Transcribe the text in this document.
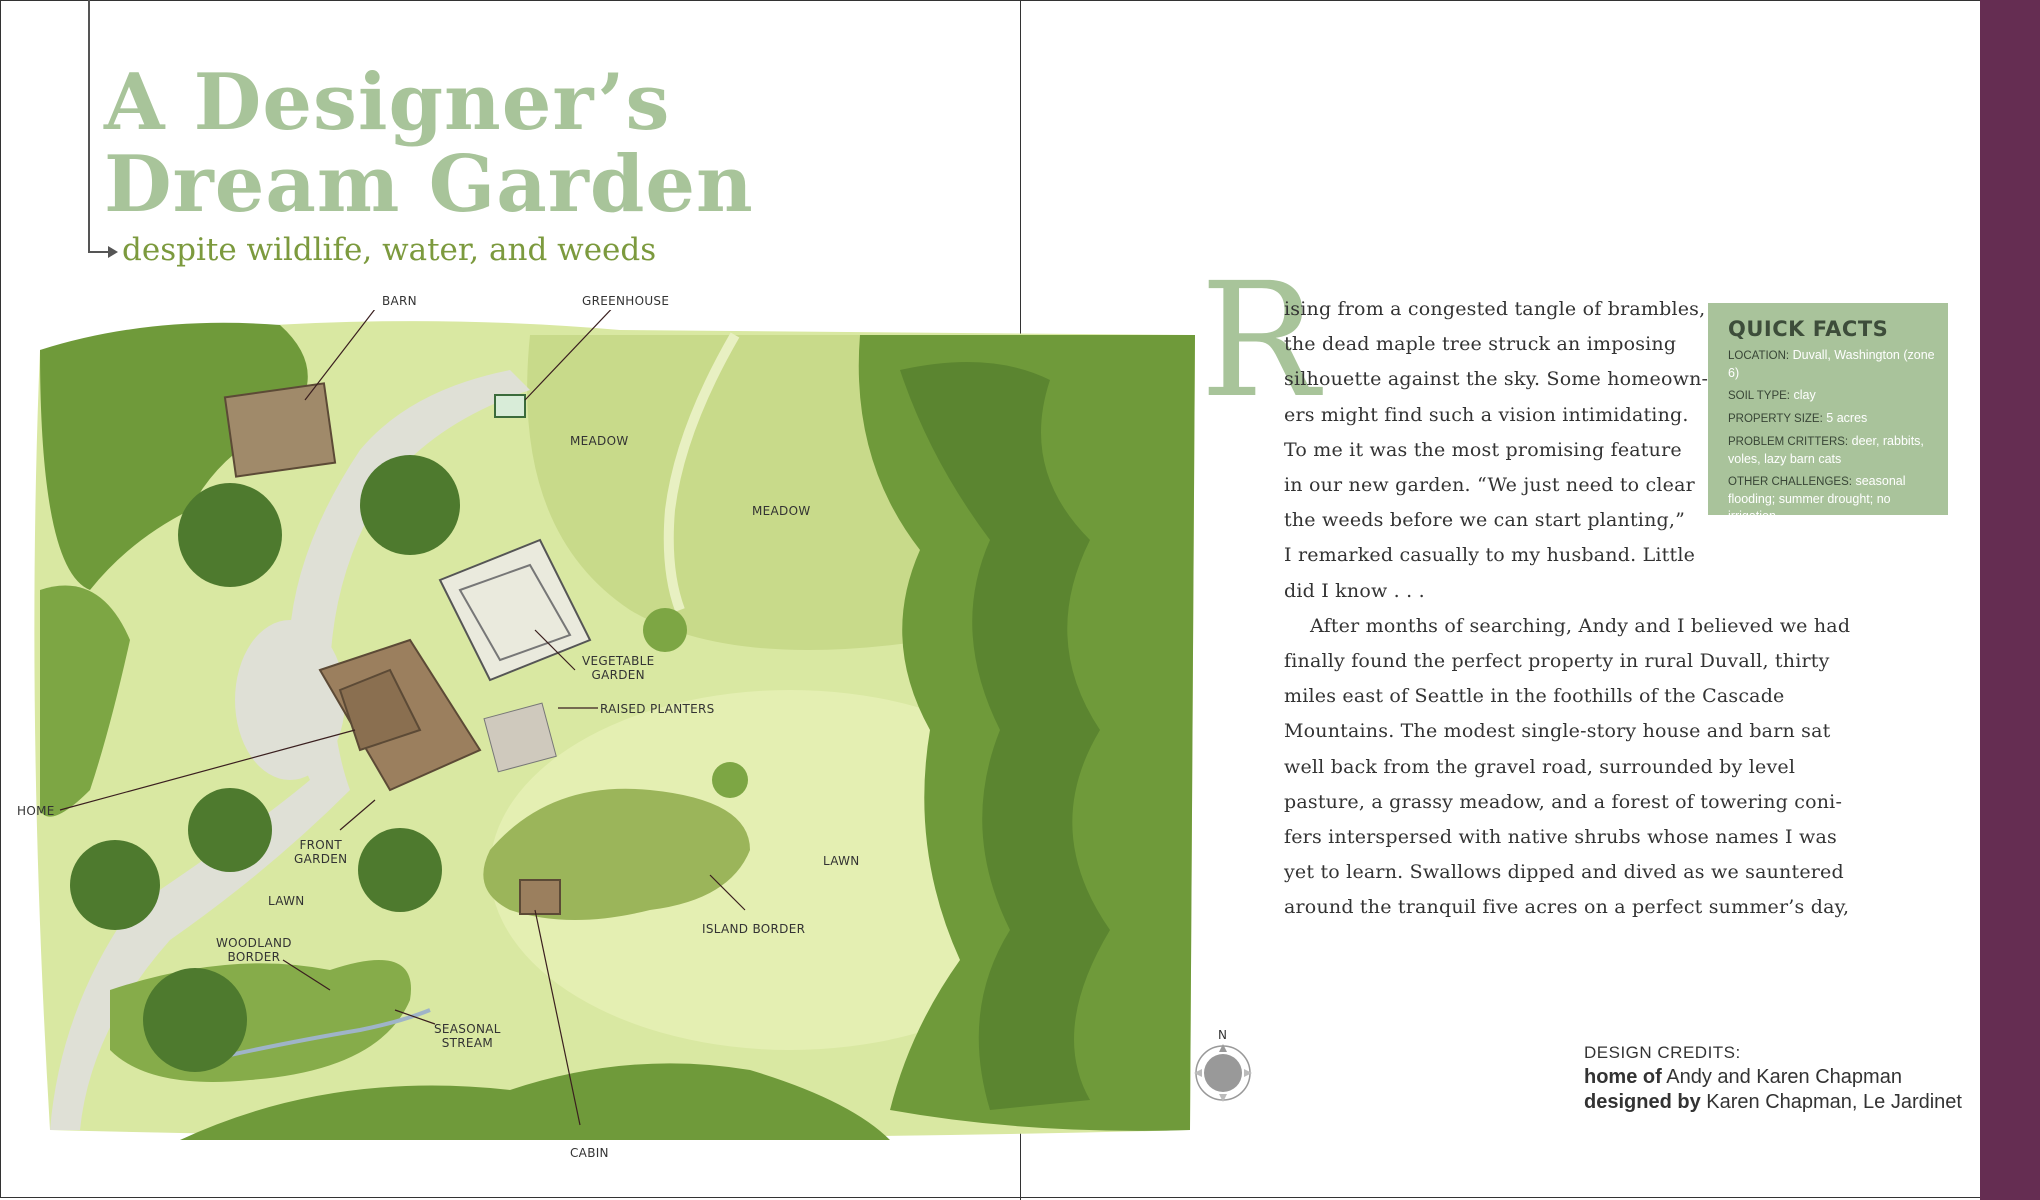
A Designer’s
Dream Garden
despite wildlife, water, and weeds
BARN	GREENHOUSE
MEADOW
MEADOW
VEGETABLE
GARDEN
RAISED PLANTERS
HOME
FRONT
GARDEN
LAWN
LAWN
WOODLAND
BORDER
SEASONAL
STREAM
ISLAND BORDER
CABIN
N
R
ising from a congested tangle of brambles,
the dead maple tree struck an imposing
silhouette against the sky. Some homeown-
ers might find such a vision intimidating.
To me it was the most promising feature
in our new garden. “We just need to clear
the weeds before we can start planting,”
I remarked casually to my husband. Little
did I know . . .
After months of searching, Andy and I believed we had
finally found the perfect property in rural Duvall, thirty
miles east of Seattle in the foothills of the Cascade
Mountains. The modest single-story house and barn sat
well back from the gravel road, surrounded by level
pasture, a grassy meadow, and a forest of towering coni-
fers interspersed with native shrubs whose names I was
yet to learn. Swallows dipped and dived as we sauntered
around the tranquil five acres on a perfect summer’s day,
QUICK FACTS
LOCATION: Duvall, Washington (zone 6)
SOIL TYPE: clay
PROPERTY SIZE: 5 acres
PROBLEM CRITTERS: deer, rabbits, voles, lazy barn cats
OTHER CHALLENGES: seasonal flooding; summer drought; no irrigation
DESIGN CREDITS:
home of Andy and Karen Chapman
designed by Karen Chapman, Le Jardinet
